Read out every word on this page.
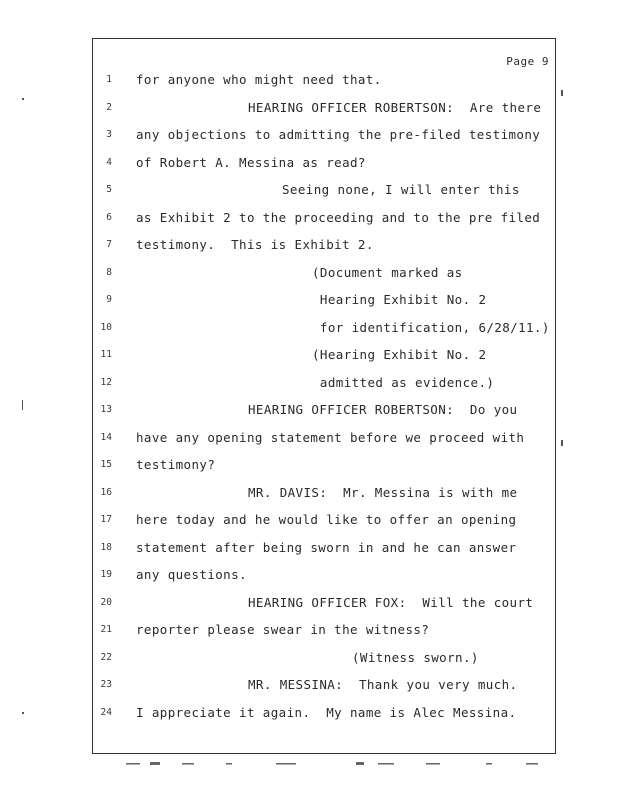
Page 9
1 for anyone who might need that.
2	HEARING OFFICER ROBERTSON:  Are there
3 any objections to admitting the pre-filed testimony
4 of Robert A. Messina as read?
5	Seeing none, I will enter this
6 as Exhibit 2 to the proceeding and to the pre filed
7 testimony.  This is Exhibit 2.
8	(Document marked as
9	Hearing Exhibit No. 2
10	for identification, 6/28/11.)
11	(Hearing Exhibit No. 2
12	admitted as evidence.)
13	HEARING OFFICER ROBERTSON:  Do you
14 have any opening statement before we proceed with
15 testimony?
16	MR. DAVIS:  Mr. Messina is with me
17 here today and he would like to offer an opening
18 statement after being sworn in and he can answer
19 any questions.
20	HEARING OFFICER FOX:  Will the court
21 reporter please swear in the witness?
22	(Witness sworn.)
23	MR. MESSINA:  Thank you very much.
24 I appreciate it again.  My name is Alec Messina.
